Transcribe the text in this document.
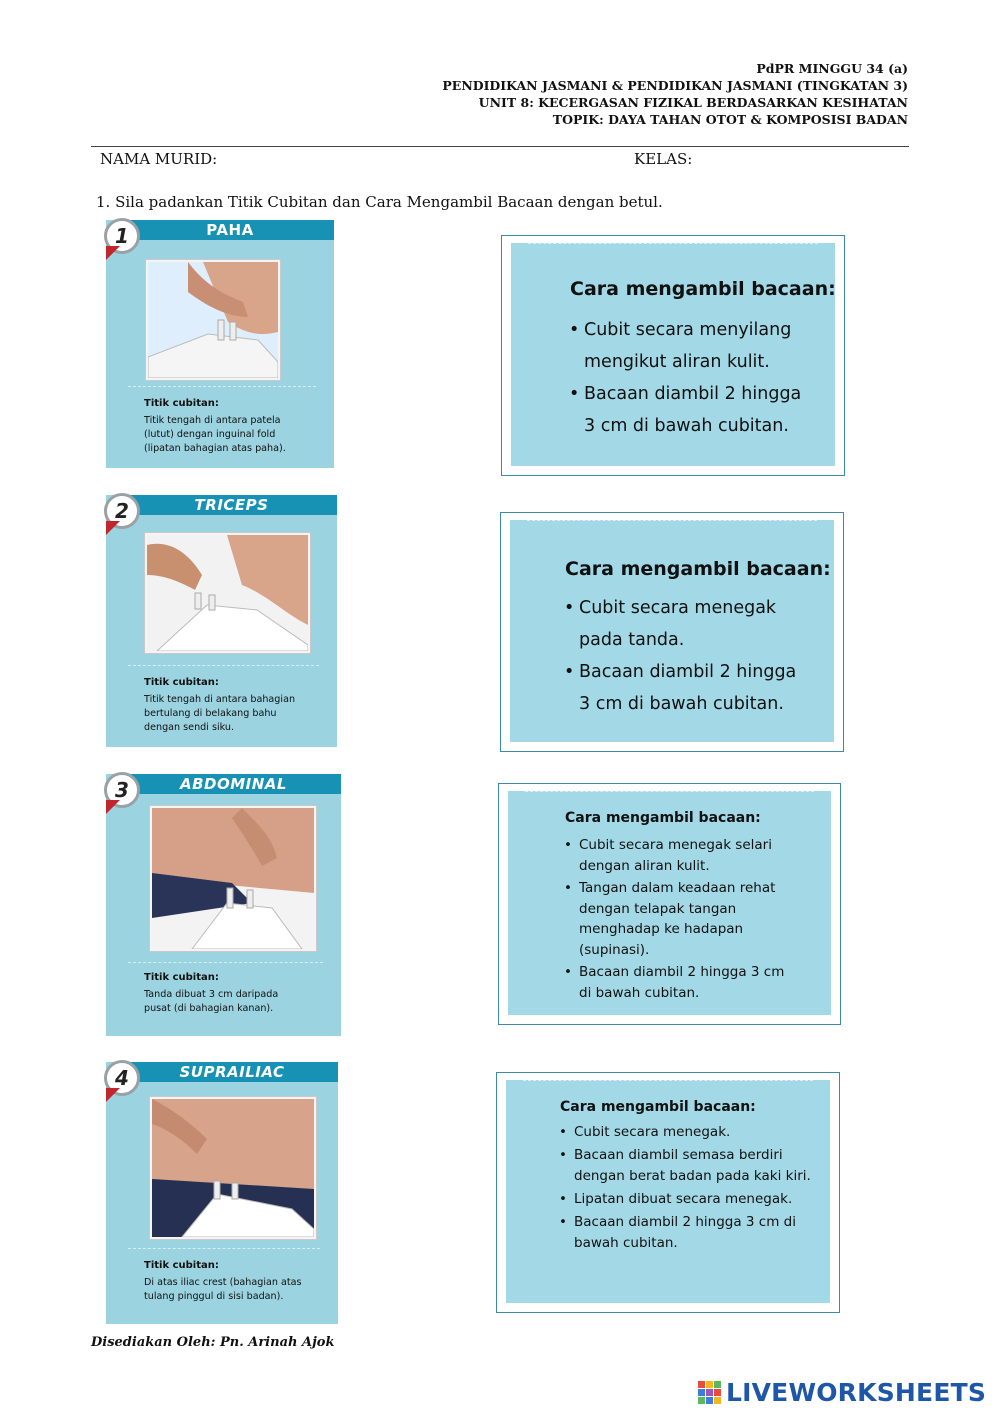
PdPR MINGGU 34 (a)
PENDIDIKAN JASMANI & PENDIDIKAN JASMANI (TINGKATAN 3)
UNIT 8: KECERGASAN FIZIKAL BERDASARKAN KESIHATAN
TOPIK: DAYA TAHAN OTOT & KOMPOSISI BADAN
NAMA MURID:	KELAS:
1. Sila padankan Titik Cubitan dan Cara Mengambil Bacaan dengan betul.
PAHA
1
Titik cubitan:
Titik tengah di antara patela
(lutut) dengan inguinal fold
(lipatan bahagian atas paha).
TRICEPS
2
Titik cubitan:
Titik tengah di antara bahagian
bertulang di belakang bahu
dengan sendi siku.
ABDOMINAL
3
Titik cubitan:
Tanda dibuat 3 cm daripada
pusat (di bahagian kanan).
SUPRAILIAC
4
Titik cubitan:
Di atas iliac crest (bahagian atas
tulang pinggul di sisi badan).
Cara mengambil bacaan:
• Cubit secara menyilang mengikut aliran kulit.
• Bacaan diambil 2 hingga 3 cm di bawah cubitan.
Cara mengambil bacaan:
• Cubit secara menegak pada tanda.
• Bacaan diambil 2 hingga 3 cm di bawah cubitan.
Cara mengambil bacaan:
• Cubit secara menegak selari dengan aliran kulit.
• Tangan dalam keadaan rehat dengan telapak tangan menghadap ke hadapan (supinasi).
• Bacaan diambil 2 hingga 3 cm di bawah cubitan.
Cara mengambil bacaan:
• Cubit secara menegak.
• Bacaan diambil semasa berdiri dengan berat badan pada kaki kiri.
• Lipatan dibuat secara menegak.
• Bacaan diambil 2 hingga 3 cm di bawah cubitan.
Disediakan Oleh: Pn. Arinah Ajok
LIVEWORKSHEETS
